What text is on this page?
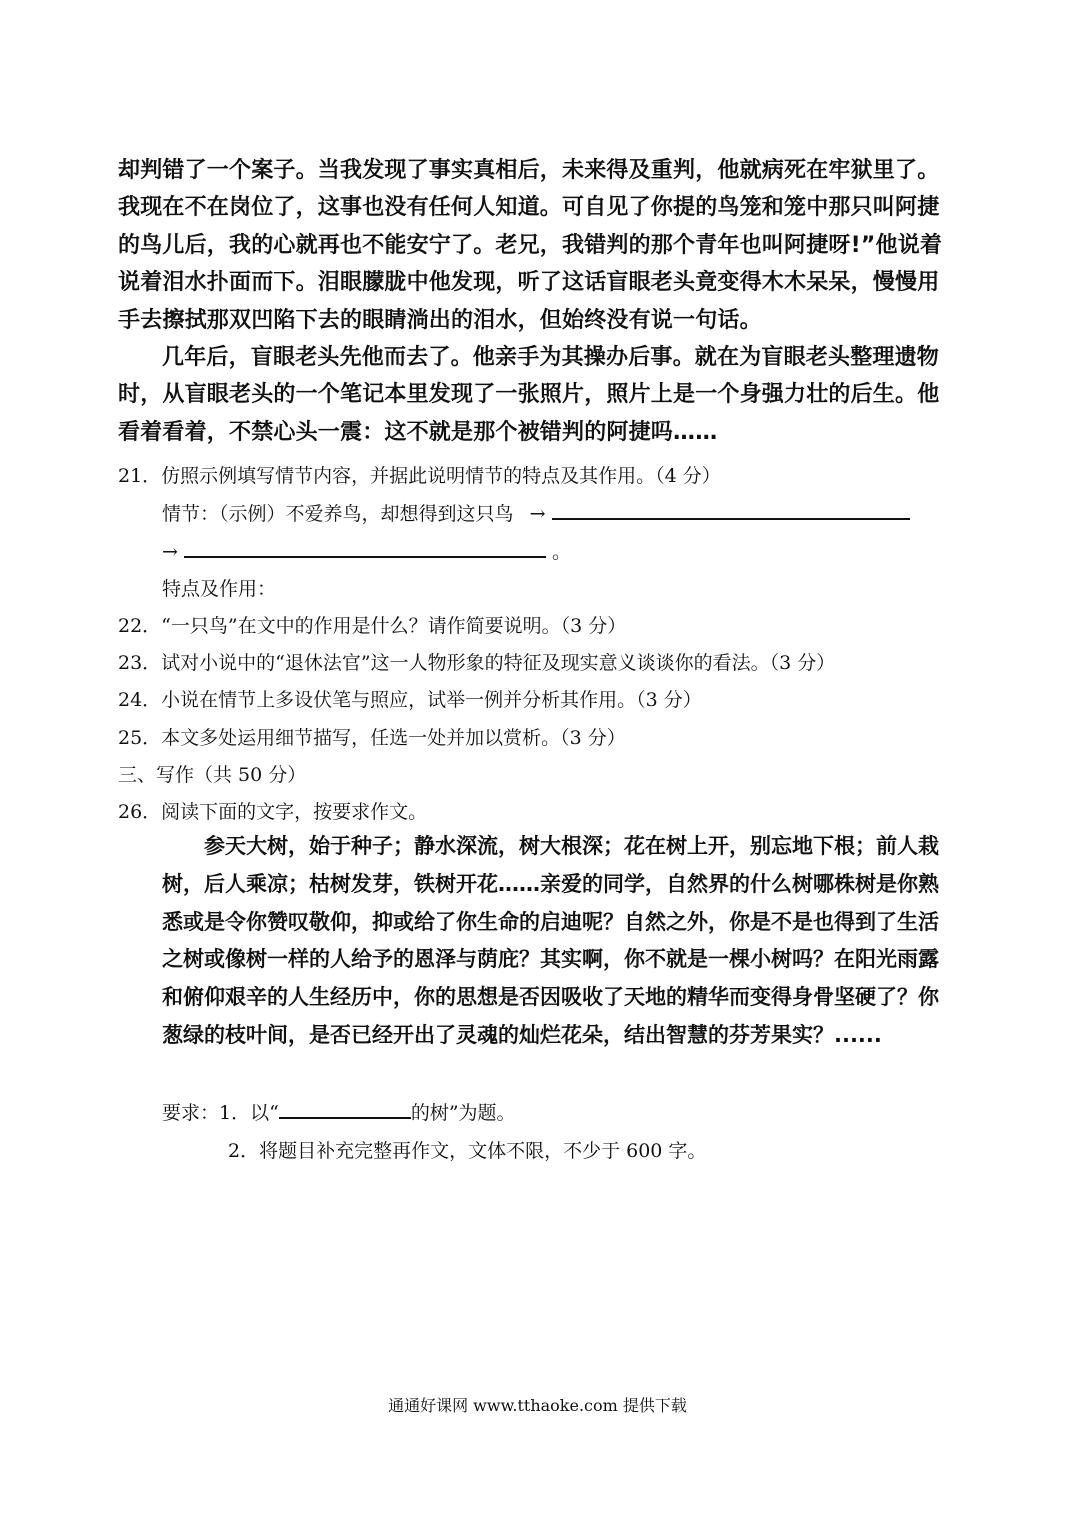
却判错了一个案子。当我发现了事实真相后，未来得及重判，他就病死在牢狱里了。我现在不在岗位了，这事也没有任何人知道。可自见了你提的鸟笼和笼中那只叫阿捷的鸟儿后，我的心就再也不能安宁了。老兄，我错判的那个青年也叫阿捷呀!”他说着说着泪水扑面而下。泪眼朦胧中他发现，听了这话盲眼老头竟变得木木呆呆，慢慢用手去擦拭那双凹陷下去的眼睛淌出的泪水，但始终没有说一句话。

几年后，盲眼老头先他而去了。他亲手为其操办后事。就在为盲眼老头整理遗物时，从盲眼老头的一个笔记本里发现了一张照片，照片上是一个身强力壮的后生。他看着看着，不禁心头一震：这不就是那个被错判的阿捷吗……

21．仿照示例填写情节内容，并据此说明情节的特点及其作用。（4 分）
情节：（示例）不爱养鸟，却想得到这只鸟 →
→	。
特点及作用：
22．“一只鸟”在文中的作用是什么？请作简要说明。（3 分）
23．试对小说中的“退休法官”这一人物形象的特征及现实意义谈谈你的看法。（3 分）
24．小说在情节上多设伏笔与照应，试举一例并分析其作用。（3 分）
25．本文多处运用细节描写，任选一处并加以赏析。（3 分）
三、写作（共 50 分）
26．阅读下面的文字，按要求作文。

参天大树，始于种子；静水深流，树大根深；花在树上开，别忘地下根；前人栽树，后人乘凉；枯树发芽，铁树开花……亲爱的同学，自然界的什么树哪株树是你熟悉或是令你赞叹敬仰，抑或给了你生命的启迪呢？自然之外，你是不是也得到了生活之树或像树一样的人给予的恩泽与荫庇？其实啊，你不就是一棵小树吗？在阳光雨露和俯仰艰辛的人生经历中，你的思想是否因吸收了天地的精华而变得身骨坚硬了？你葱绿的枝叶间，是否已经开出了灵魂的灿烂花朵，结出智慧的芬芳果实？......

要求：1．以“	的树”为题。
2．将题目补充完整再作文，文体不限，不少于 600 字。
通通好课网 www.tthaoke.com 提供下载
